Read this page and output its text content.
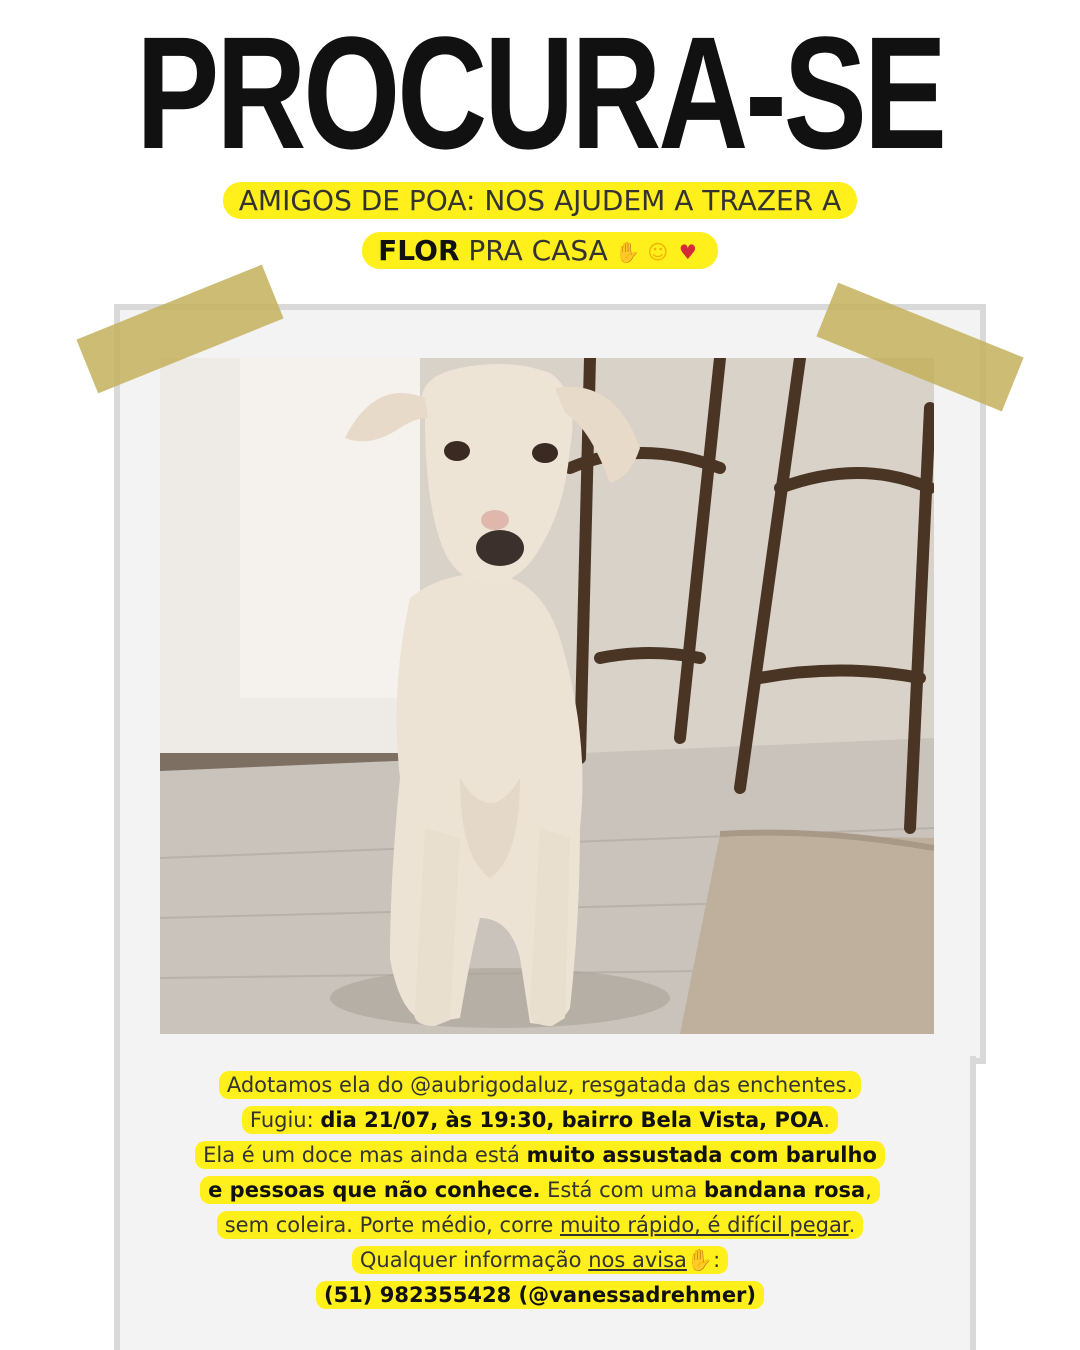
PROCURA-SE
AMIGOS DE POA: NOS AJUDEM A TRAZER A
FLOR PRA CASA ✋ ☺ ♥
Adotamos ela do @aubrigodaluz, resgatada das enchentes.
Fugiu: dia 21/07, às 19:30, bairro Bela Vista, POA.
Ela é um doce mas ainda está muito assustada com barulho
e pessoas que não conhece. Está com uma bandana rosa,
sem coleira. Porte médio, corre muito rápido, é difícil pegar.
Qualquer informação nos avisa✋:
(51) 982355428 (@vanessadrehmer)
